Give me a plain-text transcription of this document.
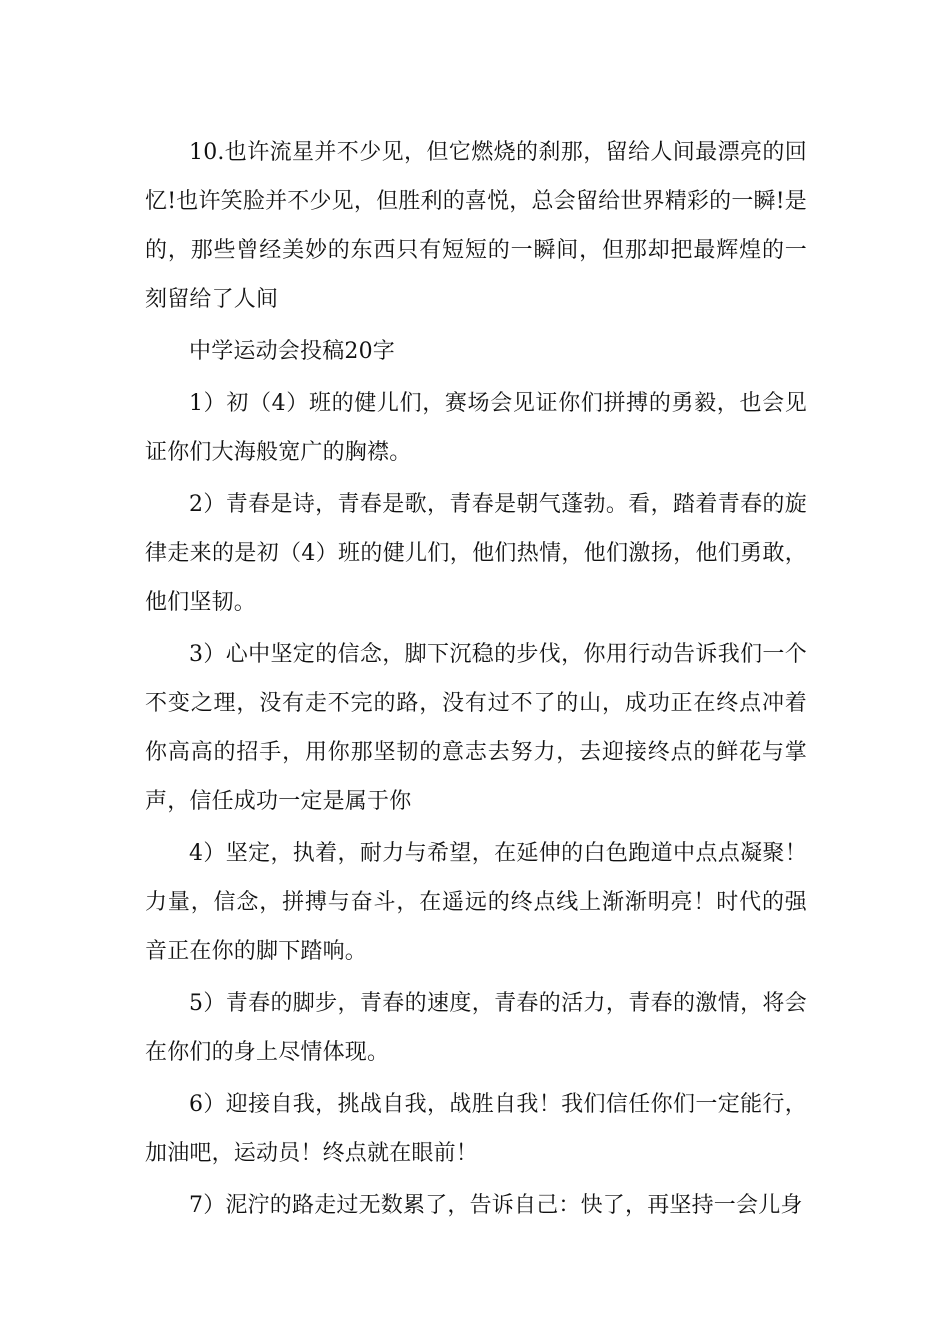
10.也许流星并不少见，但它燃烧的刹那，留给人间最漂亮的回忆!也许笑脸并不少见，但胜利的喜悦，总会留给世界精彩的一瞬!是的，那些曾经美妙的东西只有短短的一瞬间，但那却把最辉煌的一刻留给了人间

中学运动会投稿20字

1）初（4）班的健儿们，赛场会见证你们拼搏的勇毅，也会见证你们大海般宽广的胸襟。

2）青春是诗，青春是歌，青春是朝气蓬勃。看，踏着青春的旋律走来的是初（4）班的健儿们，他们热情，他们激扬，他们勇敢，他们坚韧。

3）心中坚定的信念，脚下沉稳的步伐，你用行动告诉我们一个不变之理，没有走不完的路，没有过不了的山，成功正在终点冲着你高高的招手，用你那坚韧的意志去努力，去迎接终点的鲜花与掌声，信任成功一定是属于你

4）坚定，执着，耐力与希望，在延伸的白色跑道中点点凝聚！力量，信念，拼搏与奋斗，在遥远的终点线上渐渐明亮！时代的强音正在你的脚下踏响。

5）青春的脚步，青春的速度，青春的活力，青春的激情，将会在你们的身上尽情体现。

6）迎接自我，挑战自我，战胜自我！我们信任你们一定能行，加油吧，运动员！终点就在眼前！

7）泥泞的路走过无数累了，告诉自己：快了，再坚持一会儿身
